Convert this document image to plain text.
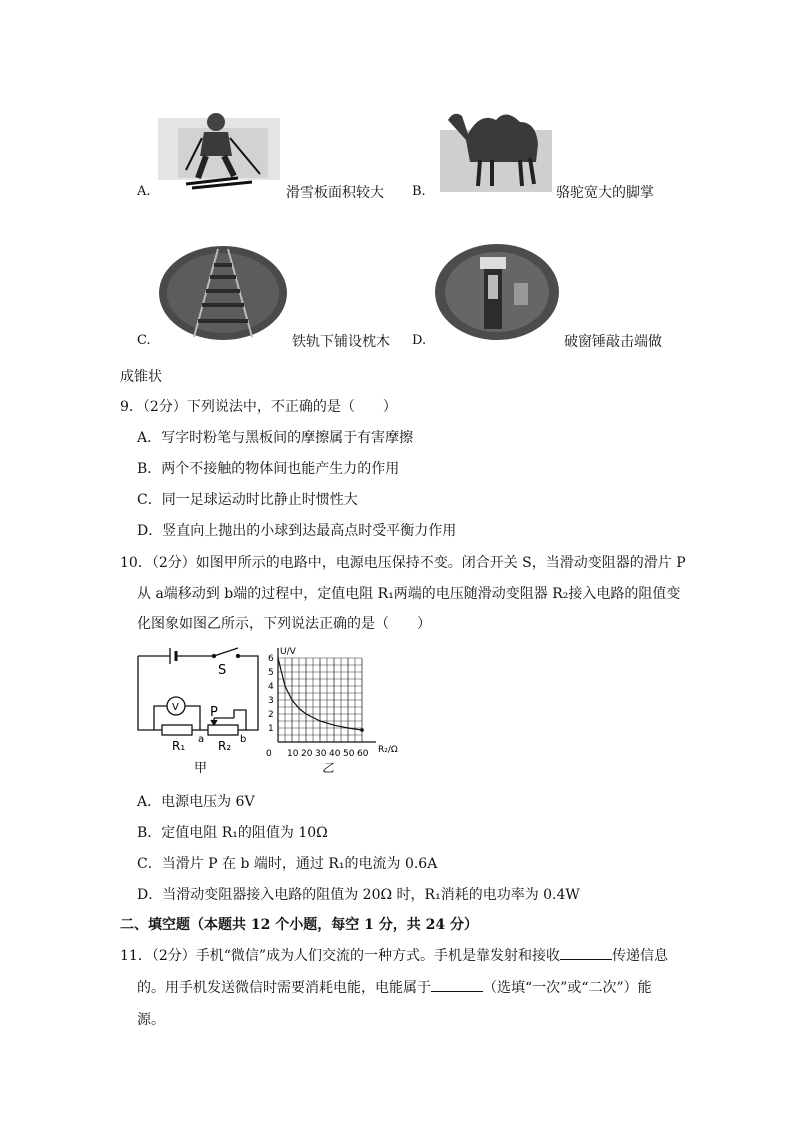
A.	滑雪板面积较大 B.	骆驼宽大的脚掌
C.	铁轨下铺设枕木 D.	破窗锤敲击端做
成锥状
9．（2分）下列说法中，不正确的是（　　）
A．写字时粉笔与黑板间的摩擦属于有害摩擦
B．两个不接触的物体间也能产生力的作用
C．同一足球运动时比静止时惯性大
D．竖直向上抛出的小球到达最高点时受平衡力作用
10．（2分）如图甲所示的电路中，电源电压保持不变。闭合开关 S，当滑动变阻器的滑片 P
从 a端移动到 b端的过程中，定值电阻 R₁两端的电压随滑动变阻器 R₂接入电路的阻值变
化图象如图乙所示，下列说法正确的是（　　）
S
V P
R₁	R₂
a	b
甲
0 10 20 30 40 50 60
1
2
3
4
5
6
U/V
R₂/Ω
乙
A．电源电压为 6V
B．定值电阻 R₁的阻值为 10Ω
C．当滑片 P 在 b 端时，通过 R₁的电流为 0.6A
D．当滑动变阻器接入电路的阻值为 20Ω 时，R₁消耗的电功率为 0.4W
二、填空题（本题共 12 个小题，每空 1 分，共 24 分）
11．（2分）手机“微信”成为人们交流的一种方式。手机是靠发射和接收	传递信息
的。用手机发送微信时需要消耗电能，电能属于	（选填“一次”或“二次”）能
源。
